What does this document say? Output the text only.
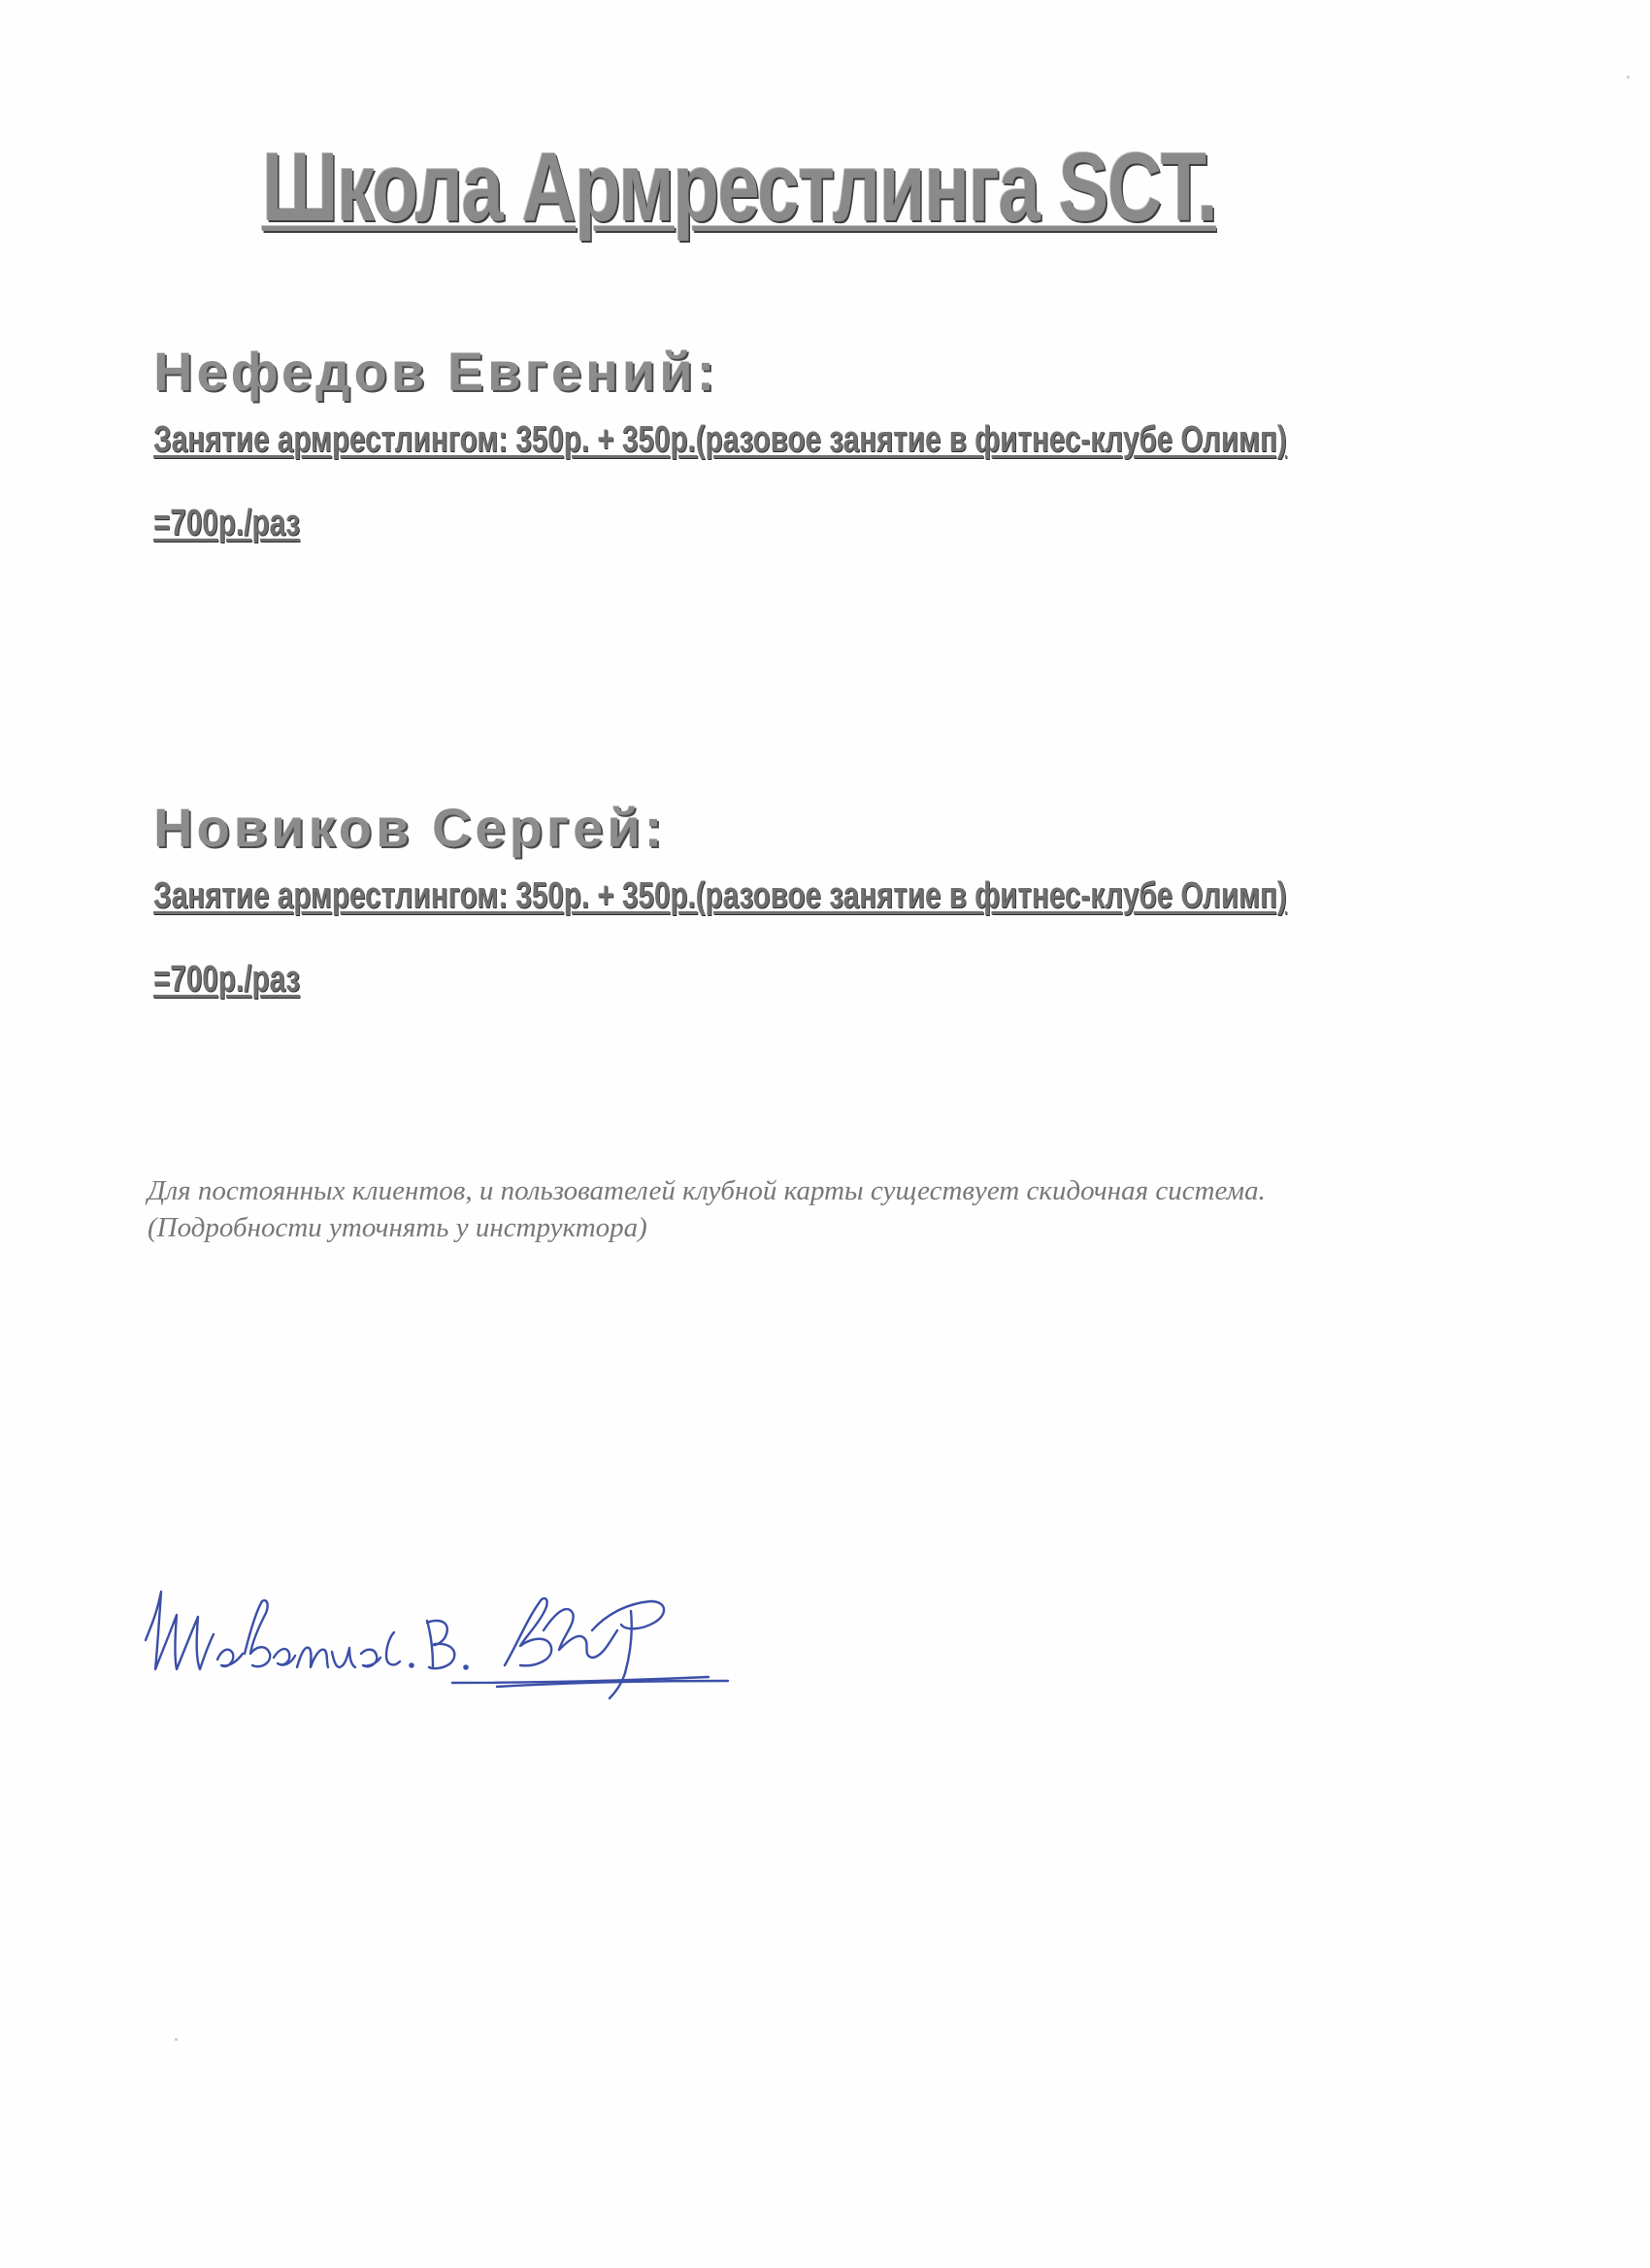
Школа Армрестлинга SCT.
Нефедов Евгений:

Занятие армрестлингом: 350р. + 350р.(разовое занятие в фитнес-клубе Олимп)

=700р./раз

Новиков Сергей:

Занятие армрестлингом: 350р. + 350р.(разовое занятие в фитнес-клубе Олимп)

=700р./раз

Для постоянных клиентов, и пользователей клубной карты существует скидочная система.
(Подробности уточнять у инструктора)
